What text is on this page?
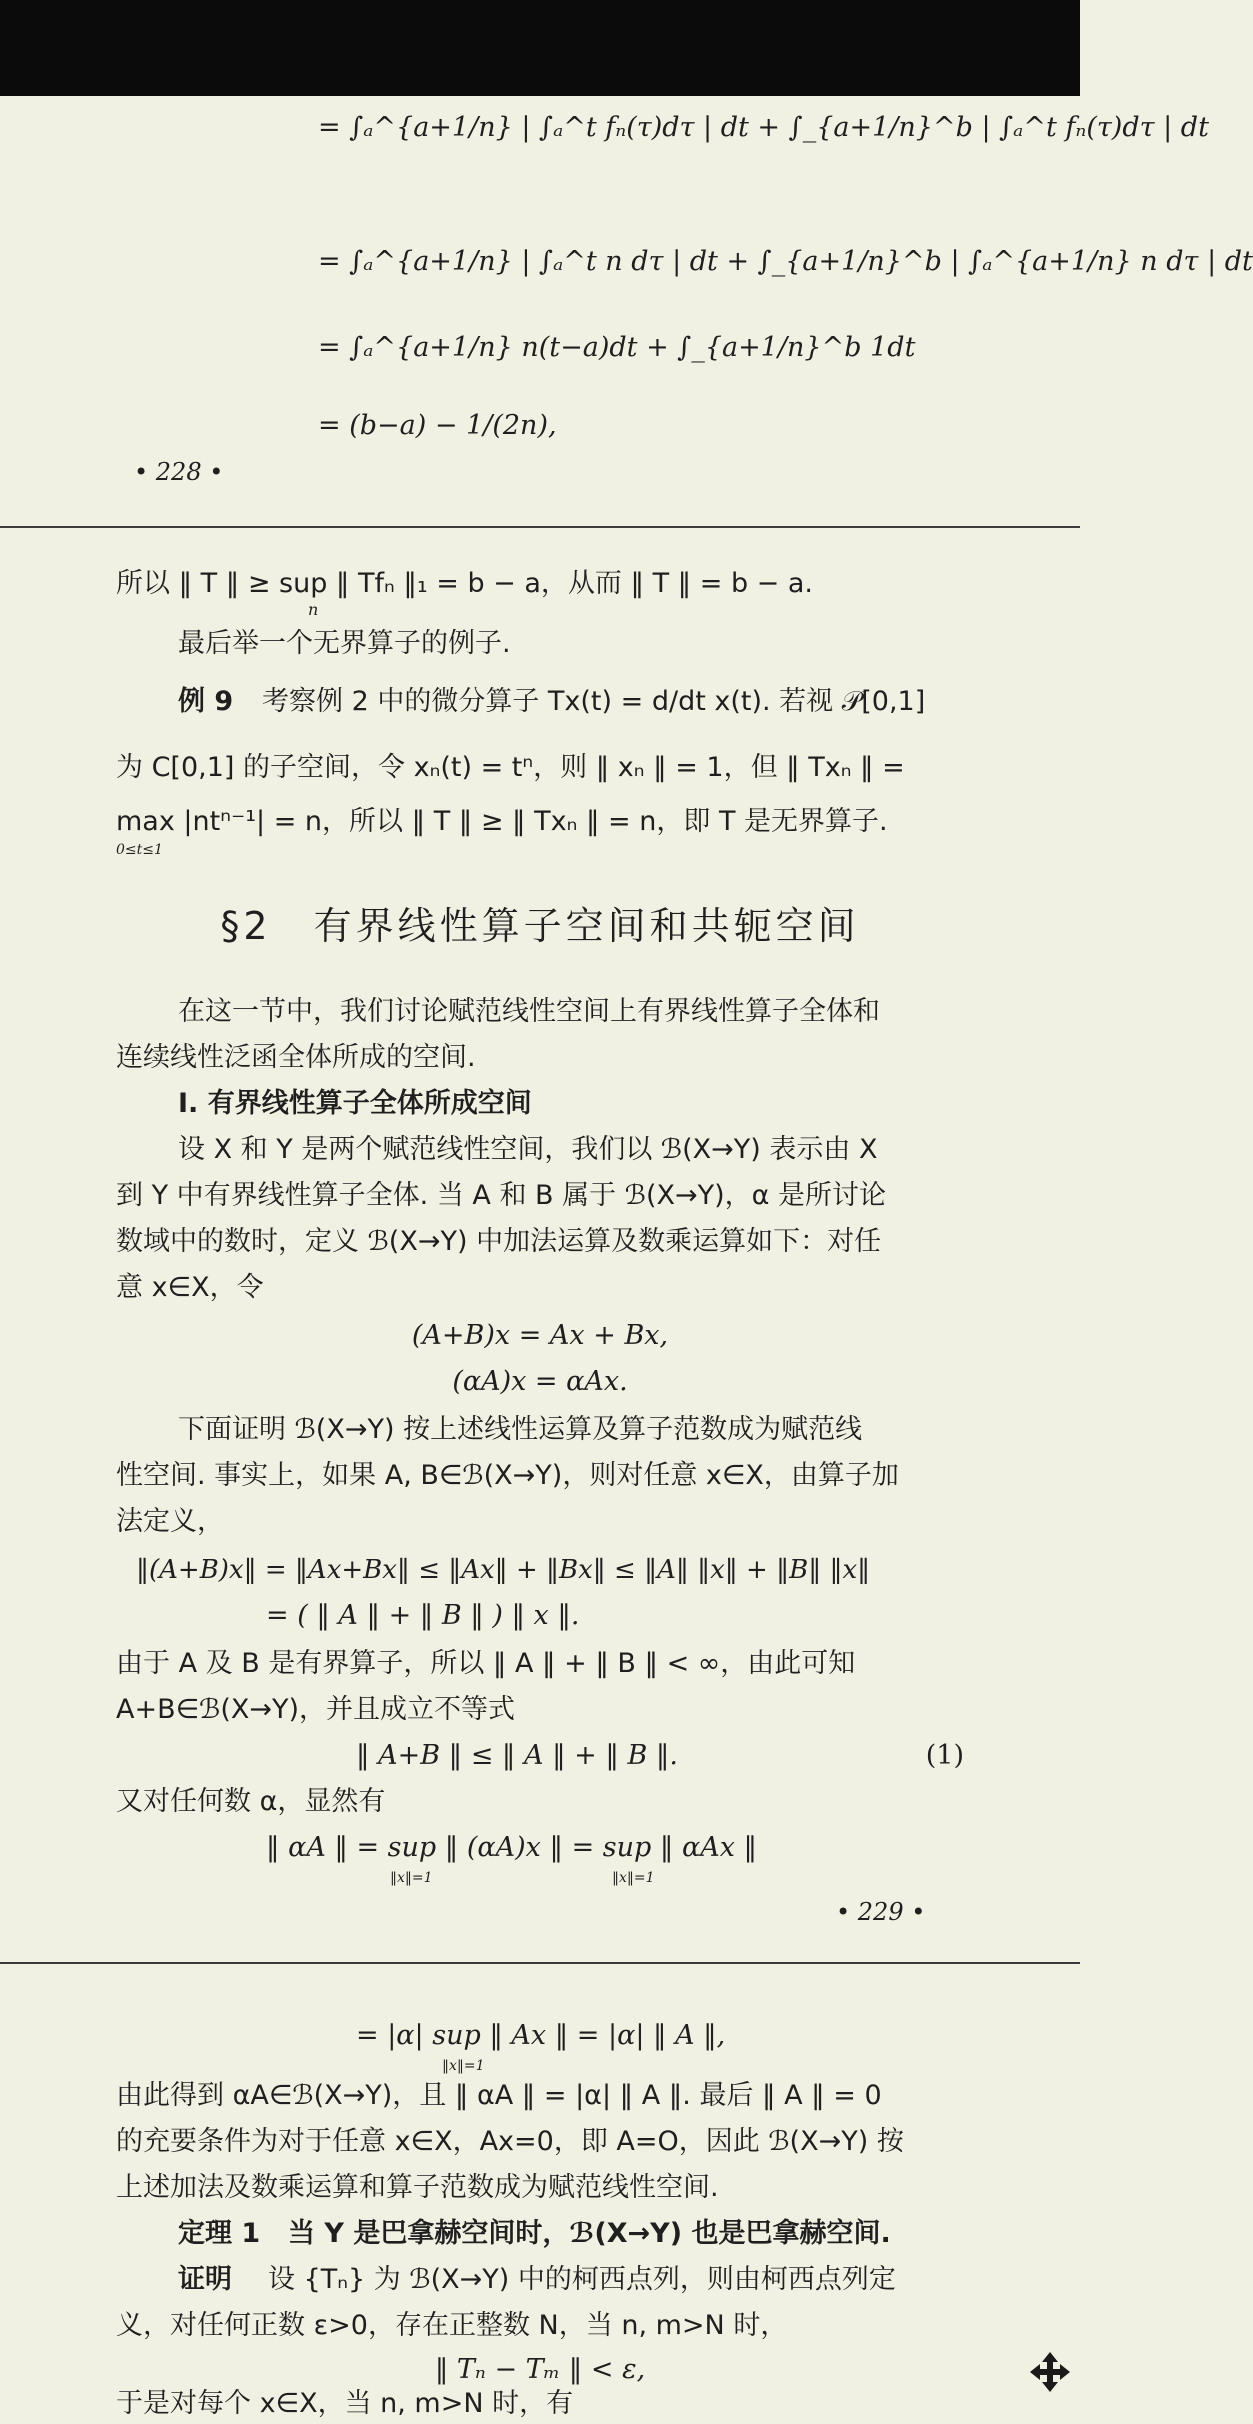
= ∫ₐ^{a+1/n} | ∫ₐ^t fₙ(τ)dτ | dt + ∫_{a+1/n}^b | ∫ₐ^t fₙ(τ)dτ | dt
= ∫ₐ^{a+1/n} | ∫ₐ^t n dτ | dt + ∫_{a+1/n}^b | ∫ₐ^{a+1/n} n dτ | dt
= ∫ₐ^{a+1/n} n(t−a)dt + ∫_{a+1/n}^b 1dt
= (b−a) − 1/(2n),
• 228 •
所以 ‖ T ‖ ≥ sup ‖ Tfₙ ‖₁ = b − a，从而 ‖ T ‖ = b − a.
n
最后举一个无界算子的例子.
例 9 考察例 2 中的微分算子 Tx(t) = d/dt x(t). 若视 𝒫[0,1]
为 C[0,1] 的子空间，令 xₙ(t) = tⁿ，则 ‖ xₙ ‖ = 1，但 ‖ Txₙ ‖ =
max |ntⁿ⁻¹| = n，所以 ‖ T ‖ ≥ ‖ Txₙ ‖ = n，即 T 是无界算子.
0≤t≤1
§2　有界线性算子空间和共轭空间
在这一节中，我们讨论赋范线性空间上有界线性算子全体和
连续线性泛函全体所成的空间.
Ⅰ. 有界线性算子全体所成空间
设 X 和 Y 是两个赋范线性空间，我们以 ℬ(X→Y) 表示由 X
到 Y 中有界线性算子全体. 当 A 和 B 属于 ℬ(X→Y)，α 是所讨论
数域中的数时，定义 ℬ(X→Y) 中加法运算及数乘运算如下：对任
意 x∈X，令
(A+B)x = Ax + Bx,
(αA)x = αAx.
下面证明 ℬ(X→Y) 按上述线性运算及算子范数成为赋范线
性空间. 事实上，如果 A, B∈ℬ(X→Y)，则对任意 x∈X，由算子加
法定义，
‖(A+B)x‖ = ‖Ax+Bx‖ ≤ ‖Ax‖ + ‖Bx‖ ≤ ‖A‖ ‖x‖ + ‖B‖ ‖x‖
= ( ‖ A ‖ + ‖ B ‖ ) ‖ x ‖.
由于 A 及 B 是有界算子，所以 ‖ A ‖ + ‖ B ‖ < ∞，由此可知
A+B∈ℬ(X→Y)，并且成立不等式
‖ A+B ‖ ≤ ‖ A ‖ + ‖ B ‖.	(1)
又对任何数 α，显然有
‖ αA ‖ = sup ‖ (αA)x ‖ = sup ‖ αAx ‖
‖x‖=1	‖x‖=1
• 229 •
= |α| sup ‖ Ax ‖ = |α| ‖ A ‖,
‖x‖=1
由此得到 αA∈ℬ(X→Y)，且 ‖ αA ‖ = |α| ‖ A ‖. 最后 ‖ A ‖ = 0
的充要条件为对于任意 x∈X，Ax=0，即 A=O，因此 ℬ(X→Y) 按
上述加法及数乘运算和算子范数成为赋范线性空间.
定理 1 当 Y 是巴拿赫空间时，ℬ(X→Y) 也是巴拿赫空间.
证明 设 {Tₙ} 为 ℬ(X→Y) 中的柯西点列，则由柯西点列定
义，对任何正数 ε>0，存在正整数 N，当 n, m>N 时，
‖ Tₙ − Tₘ ‖ < ε,
于是对每个 x∈X，当 n, m>N 时，有
